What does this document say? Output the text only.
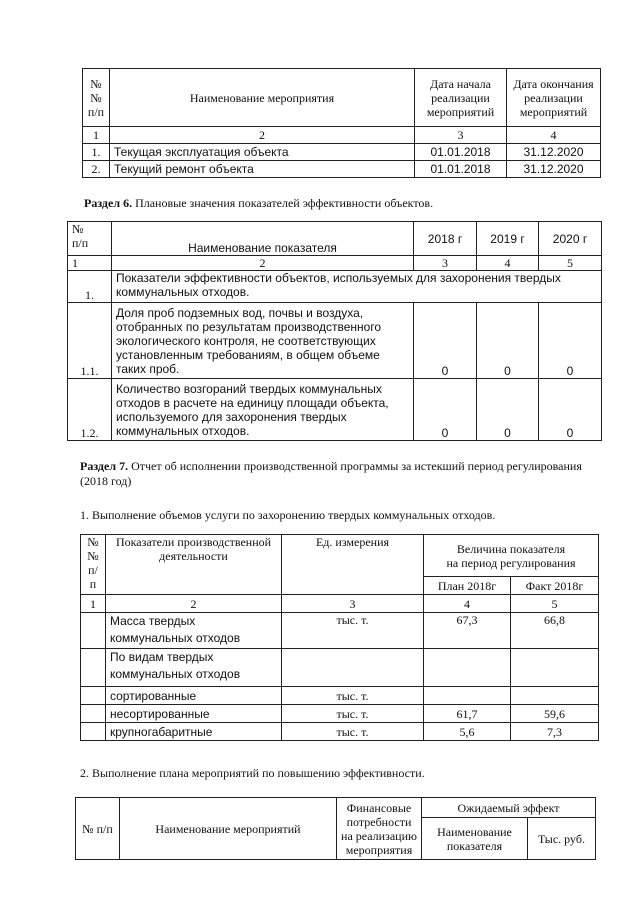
№№
п/п	Наименование мероприятия	Дата начала реализации мероприятий	Дата окончания реализации мероприятий
1	2	3	4
1.	Текущая эксплуатация объекта	01.01.2018	31.12.2020
2.	Текущий ремонт объекта	01.01.2018	31.12.2020
Раздел 6. Плановые значения показателей эффективности объектов.
№
п/п	Наименование показателя	2018 г	2019 г	2020 г
1	2	3	4	5
1.	Показатели эффективности объектов, используемых для захоронения твердых коммунальных отходов.			
1.1.	Доля проб подземных вод, почвы и воздуха, отобранных по результатам производственного экологического контроля, не соответствующих установленным требованиям, в общем объеме таких проб.	0	0	0
1.2.	Количество возгораний твердых коммунальных отходов в расчете на единицу площади объекта, используемого для захоронения твердых коммунальных отходов.	0	0	0
Раздел 7. Отчет об исполнении производственной программы за истекший период регулирования (2018 год)
1. Выполнение объемов услуги по захоронению твердых коммунальных отходов.
№№
п/п	Показатели производственной деятельности	Ед. измерения	Величина показателя
на период регулирования	
			План 2018г	Факт 2018г
1	2	3	4	5
	Масса твердых коммунальных отходов	тыс. т.	67,3	66,8
	По видам твердых коммунальных отходов			
	сортированные	тыс. т.		
	несортированные	тыс. т.	61,7	59,6
	крупногабаритные	тыс. т.	5,6	7,3
2. Выполнение плана мероприятий по повышению эффективности.
№ п/п	Наименование мероприятий	Финансовые потребности на реализацию мероприятия	Ожидаемый эффект	
			Наименование показателя	Тыс. руб.
